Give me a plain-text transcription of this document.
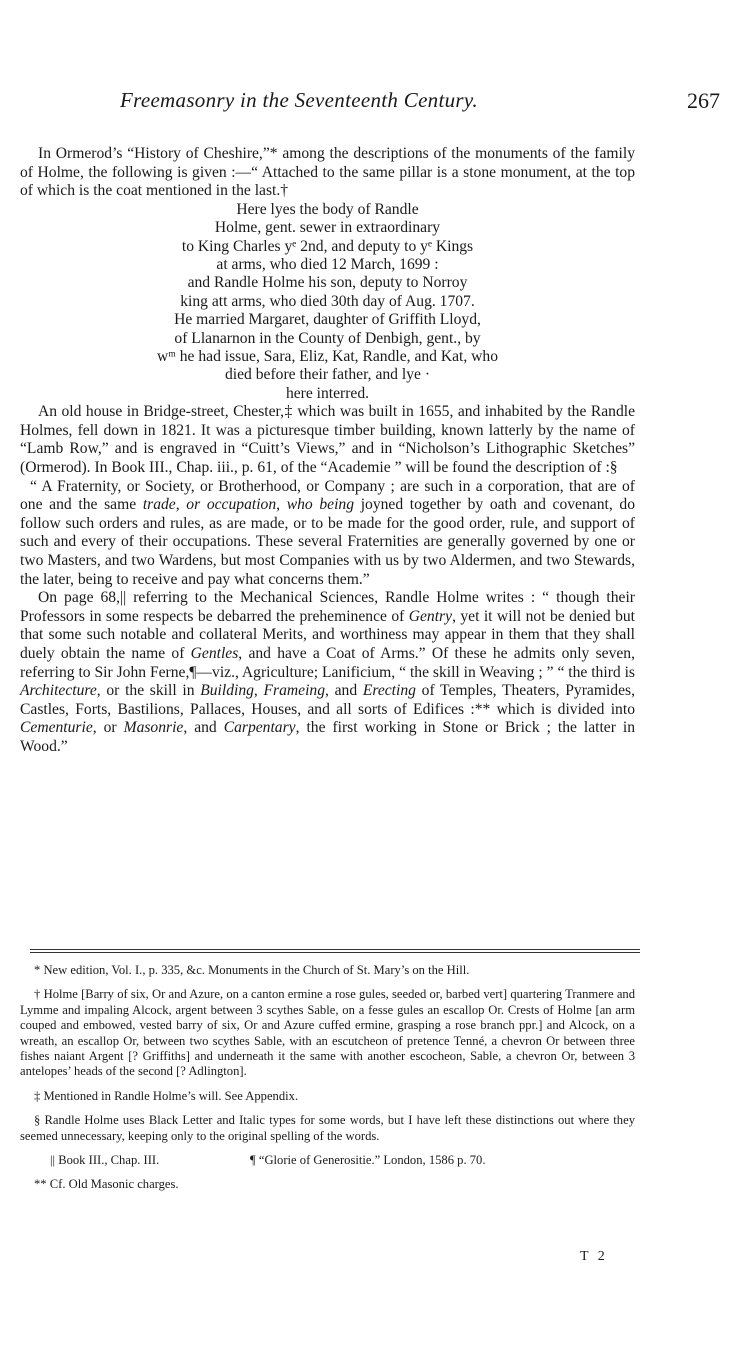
Freemasonry in the Seventeenth Century.	267

In Ormerod’s “History of Cheshire,”* among the descriptions of the monuments of the family of Holme, the following is given :—“ Attached to the same pillar is a stone monument, at the top of which is the coat mentioned in the last.†

Here lyes the body of Randle
Holme, gent. sewer in extraordinary
to King Charles yᵉ 2nd, and deputy to yᵉ Kings
at arms, who died 12 March, 1699 :
and Randle Holme his son, deputy to Norroy
king att arms, who died 30th day of Aug. 1707.
He married Margaret, daughter of Griffith Lloyd,
of Llanarnon in the County of Denbigh, gent., by
wᵐ he had issue, Sara, Eliz, Kat, Randle, and Kat, who
died before their father, and lye ·
here interred.

An old house in Bridge-street, Chester,‡ which was built in 1655, and inhabited by the Randle Holmes, fell down in 1821. It was a picturesque timber building, known latterly by the name of “Lamb Row,” and is engraved in “Cuitt’s Views,” and in “Nicholson’s Lithographic Sketches” (Ormerod). In Book III., Chap. iii., p. 61, of the “Academie ” will be found the description of :§

“ A Fraternity, or Society, or Brotherhood, or Company ; are such in a corporation, that are of one and the same trade, or occupation, who being joyned together by oath and covenant, do follow such orders and rules, as are made, or to be made for the good order, rule, and support of such and every of their occupations. These several Fraternities are generally governed by one or two Masters, and two Wardens, but most Companies with us by two Aldermen, and two Stewards, the later, being to receive and pay what concerns them.”

On page 68,|| referring to the Mechanical Sciences, Randle Holme writes : “ though their Professors in some respects be debarred the preheminence of Gentry, yet it will not be denied but that some such notable and collateral Merits, and worthiness may appear in them that they shall duely obtain the name of Gentles, and have a Coat of Arms.” Of these he admits only seven, referring to Sir John Ferne,¶—viz., Agriculture; Lanificium, “ the skill in Weaving ; ” “ the third is Architecture, or the skill in Building, Frameing, and Erecting of Temples, Theaters, Pyramides, Castles, Forts, Bastilions, Pallaces, Houses, and all sorts of Edifices :** which is divided into Cementurie, or Masonrie, and Carpentary, the first working in Stone or Brick ; the latter in Wood.”

* New edition, Vol. I., p. 335, &c. Monuments in the Church of St. Mary’s on the Hill.

† Holme [Barry of six, Or and Azure, on a canton ermine a rose gules, seeded or, barbed vert] quartering Tranmere and Lymme and impaling Alcock, argent between 3 scythes Sable, on a fesse gules an escallop Or. Crests of Holme [an arm couped and embowed, vested barry of six, Or and Azure cuffed ermine, grasping a rose branch ppr.] and Alcock, on a wreath, an escallop Or, between two scythes Sable, with an escutcheon of pretence Tenné, a chevron Or between three fishes naiant Argent [? Griffiths] and underneath it the same with another escocheon, Sable, a chevron Or, between 3 antelopes’ heads of the second [? Adlington].

‡ Mentioned in Randle Holme’s will. See Appendix.

§ Randle Holme uses Black Letter and Italic types for some words, but I have left these distinctions out where they seemed unnecessary, keeping only to the original spelling of the words.

|| Book III., Chap. III.	¶ “Glorie of Generositie.” London, 1586 p. 70.

** Cf. Old Masonic charges.

T 2
